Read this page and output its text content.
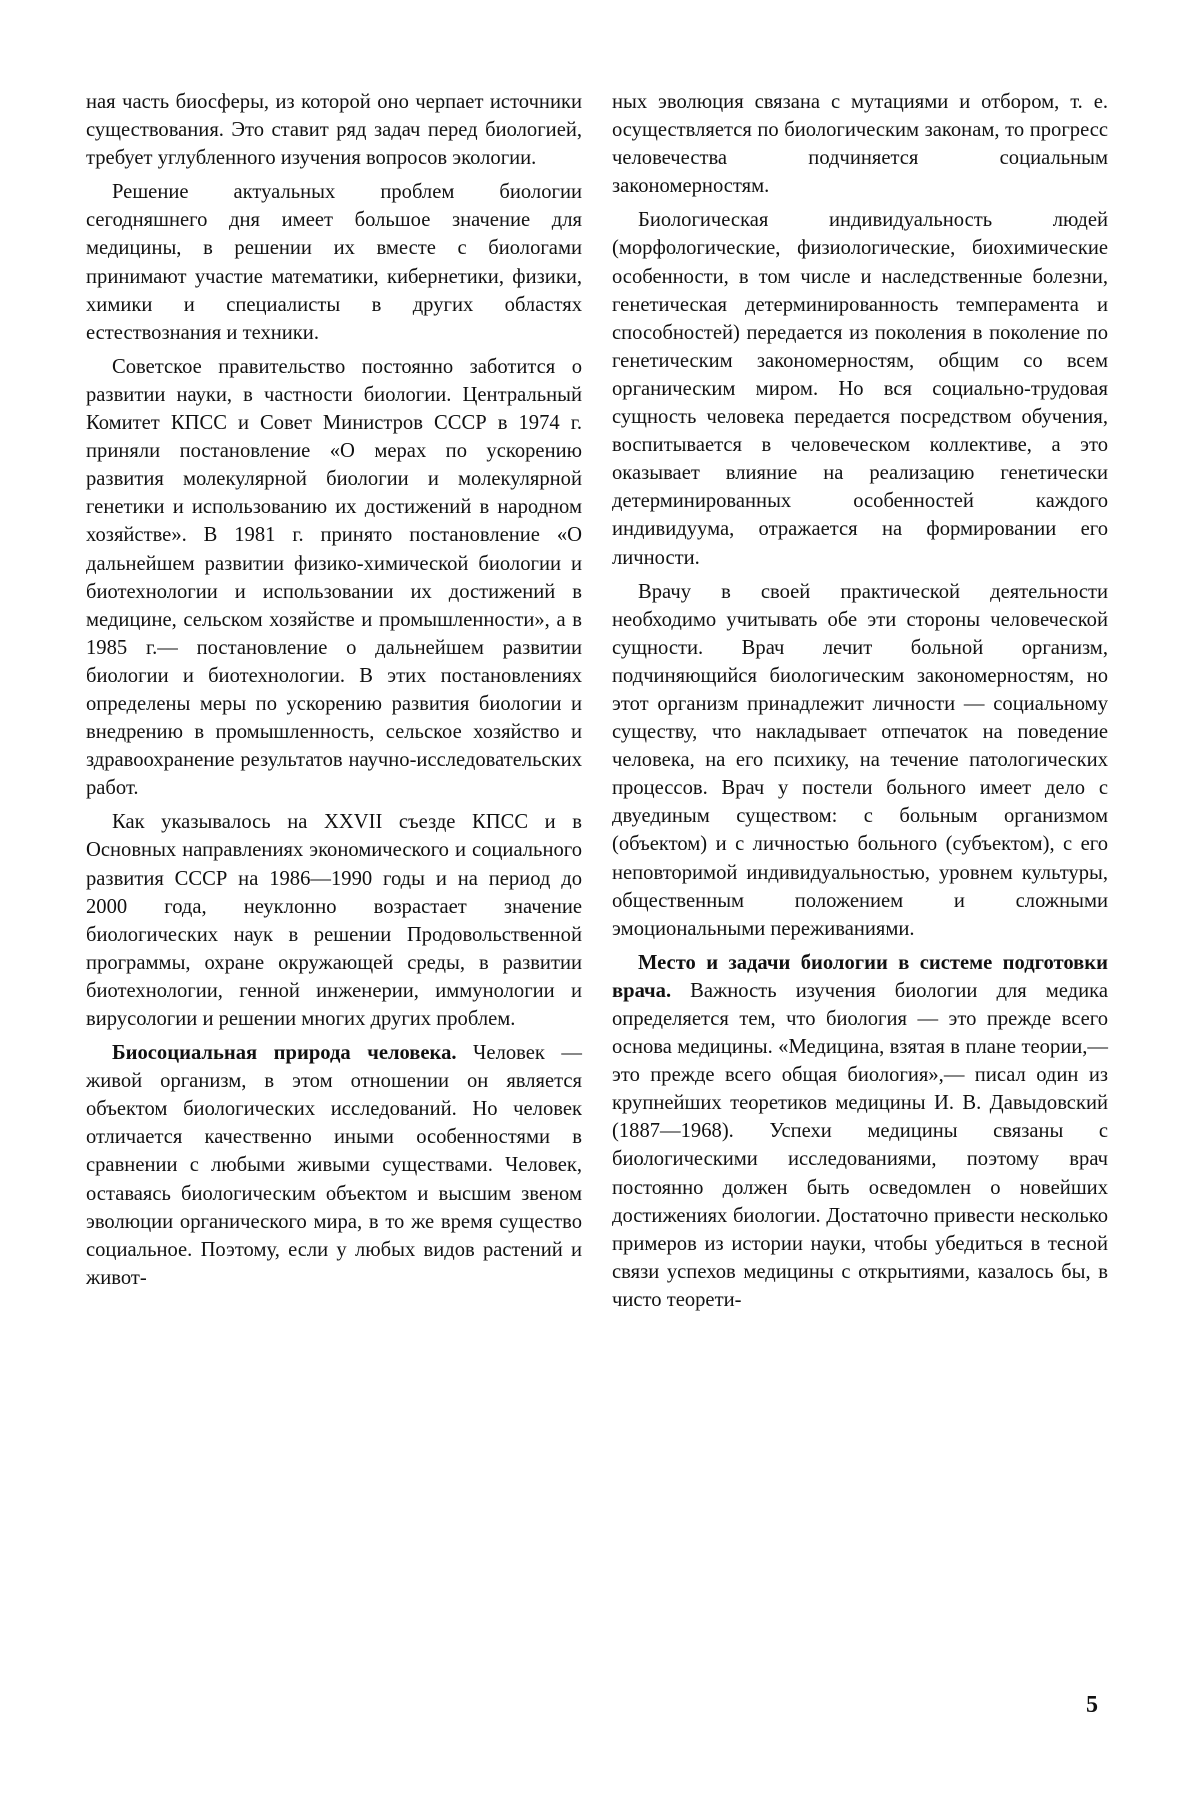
ная часть биосферы, из которой оно черпает источники существования. Это ставит ряд задач перед биологией, требует углубленного изучения вопросов экологии.

Решение актуальных проблем биологии сегодняшнего дня имеет большое значение для медицины, в решении их вместе с биологами принимают участие математики, кибернетики, физики, химики и специалисты в других областях естествознания и техники.

Советское правительство постоянно заботится о развитии науки, в частности биологии. Центральный Комитет КПСС и Совет Министров СССР в 1974 г. приняли постановление «О мерах по ускорению развития молекулярной биологии и молекулярной генетики и использованию их достижений в народном хозяйстве». В 1981 г. принято постановление «О дальнейшем развитии физико-химической биологии и биотехнологии и использовании их достижений в медицине, сельском хозяйстве и промышленности», а в 1985 г.— постановление о дальнейшем развитии биологии и биотехнологии. В этих постановлениях определены меры по ускорению развития биологии и внедрению в промышленность, сельское хозяйство и здравоохранение результатов научно-исследовательских работ.

Как указывалось на XXVII съезде КПСС и в Основных направлениях экономического и социального развития СССР на 1986—1990 годы и на период до 2000 года, неуклонно возрастает значение биологических наук в решении Продовольственной программы, охране окружающей среды, в развитии биотехнологии, генной инженерии, иммунологии и вирусологии и решении многих других проблем.

Биосоциальная природа человека. Человек — живой организм, в этом отношении он является объектом биологических исследований. Но человек отличается качественно иными особенностями в сравнении с любыми живыми существами. Человек, оставаясь биологическим объектом и высшим звеном эволюции органического мира, в то же время существо социальное. Поэтому, если у любых видов растений и живот-

ных эволюция связана с мутациями и отбором, т. е. осуществляется по биологическим законам, то прогресс человечества подчиняется социальным закономерностям.

Биологическая индивидуальность людей (морфологические, физиологические, биохимические особенности, в том числе и наследственные болезни, генетическая детерминированность темперамента и способностей) передается из поколения в поколение по генетическим закономерностям, общим со всем органическим миром. Но вся социально-трудовая сущность человека передается посредством обучения, воспитывается в человеческом коллективе, а это оказывает влияние на реализацию генетически детерминированных особенностей каждого индивидуума, отражается на формировании его личности.

Врачу в своей практической деятельности необходимо учитывать обе эти стороны человеческой сущности. Врач лечит больной организм, подчиняющийся биологическим закономерностям, но этот организм принадлежит личности — социальному существу, что накладывает отпечаток на поведение человека, на его психику, на течение патологических процессов. Врач у постели больного имеет дело с двуединым существом: с больным организмом (объектом) и с личностью больного (субъектом), с его неповторимой индивидуальностью, уровнем культуры, общественным положением и сложными эмоциональными переживаниями.

Место и задачи биологии в системе подготовки врача. Важность изучения биологии для медика определяется тем, что биология — это прежде всего основа медицины. «Медицина, взятая в плане теории,— это прежде всего общая биология»,— писал один из крупнейших теоретиков медицины И. В. Давыдовский (1887—1968). Успехи медицины связаны с биологическими исследованиями, поэтому врач постоянно должен быть осведомлен о новейших достижениях биологии. Достаточно привести несколько примеров из истории науки, чтобы убедиться в тесной связи успехов медицины с открытиями, казалось бы, в чисто теорети-

5
